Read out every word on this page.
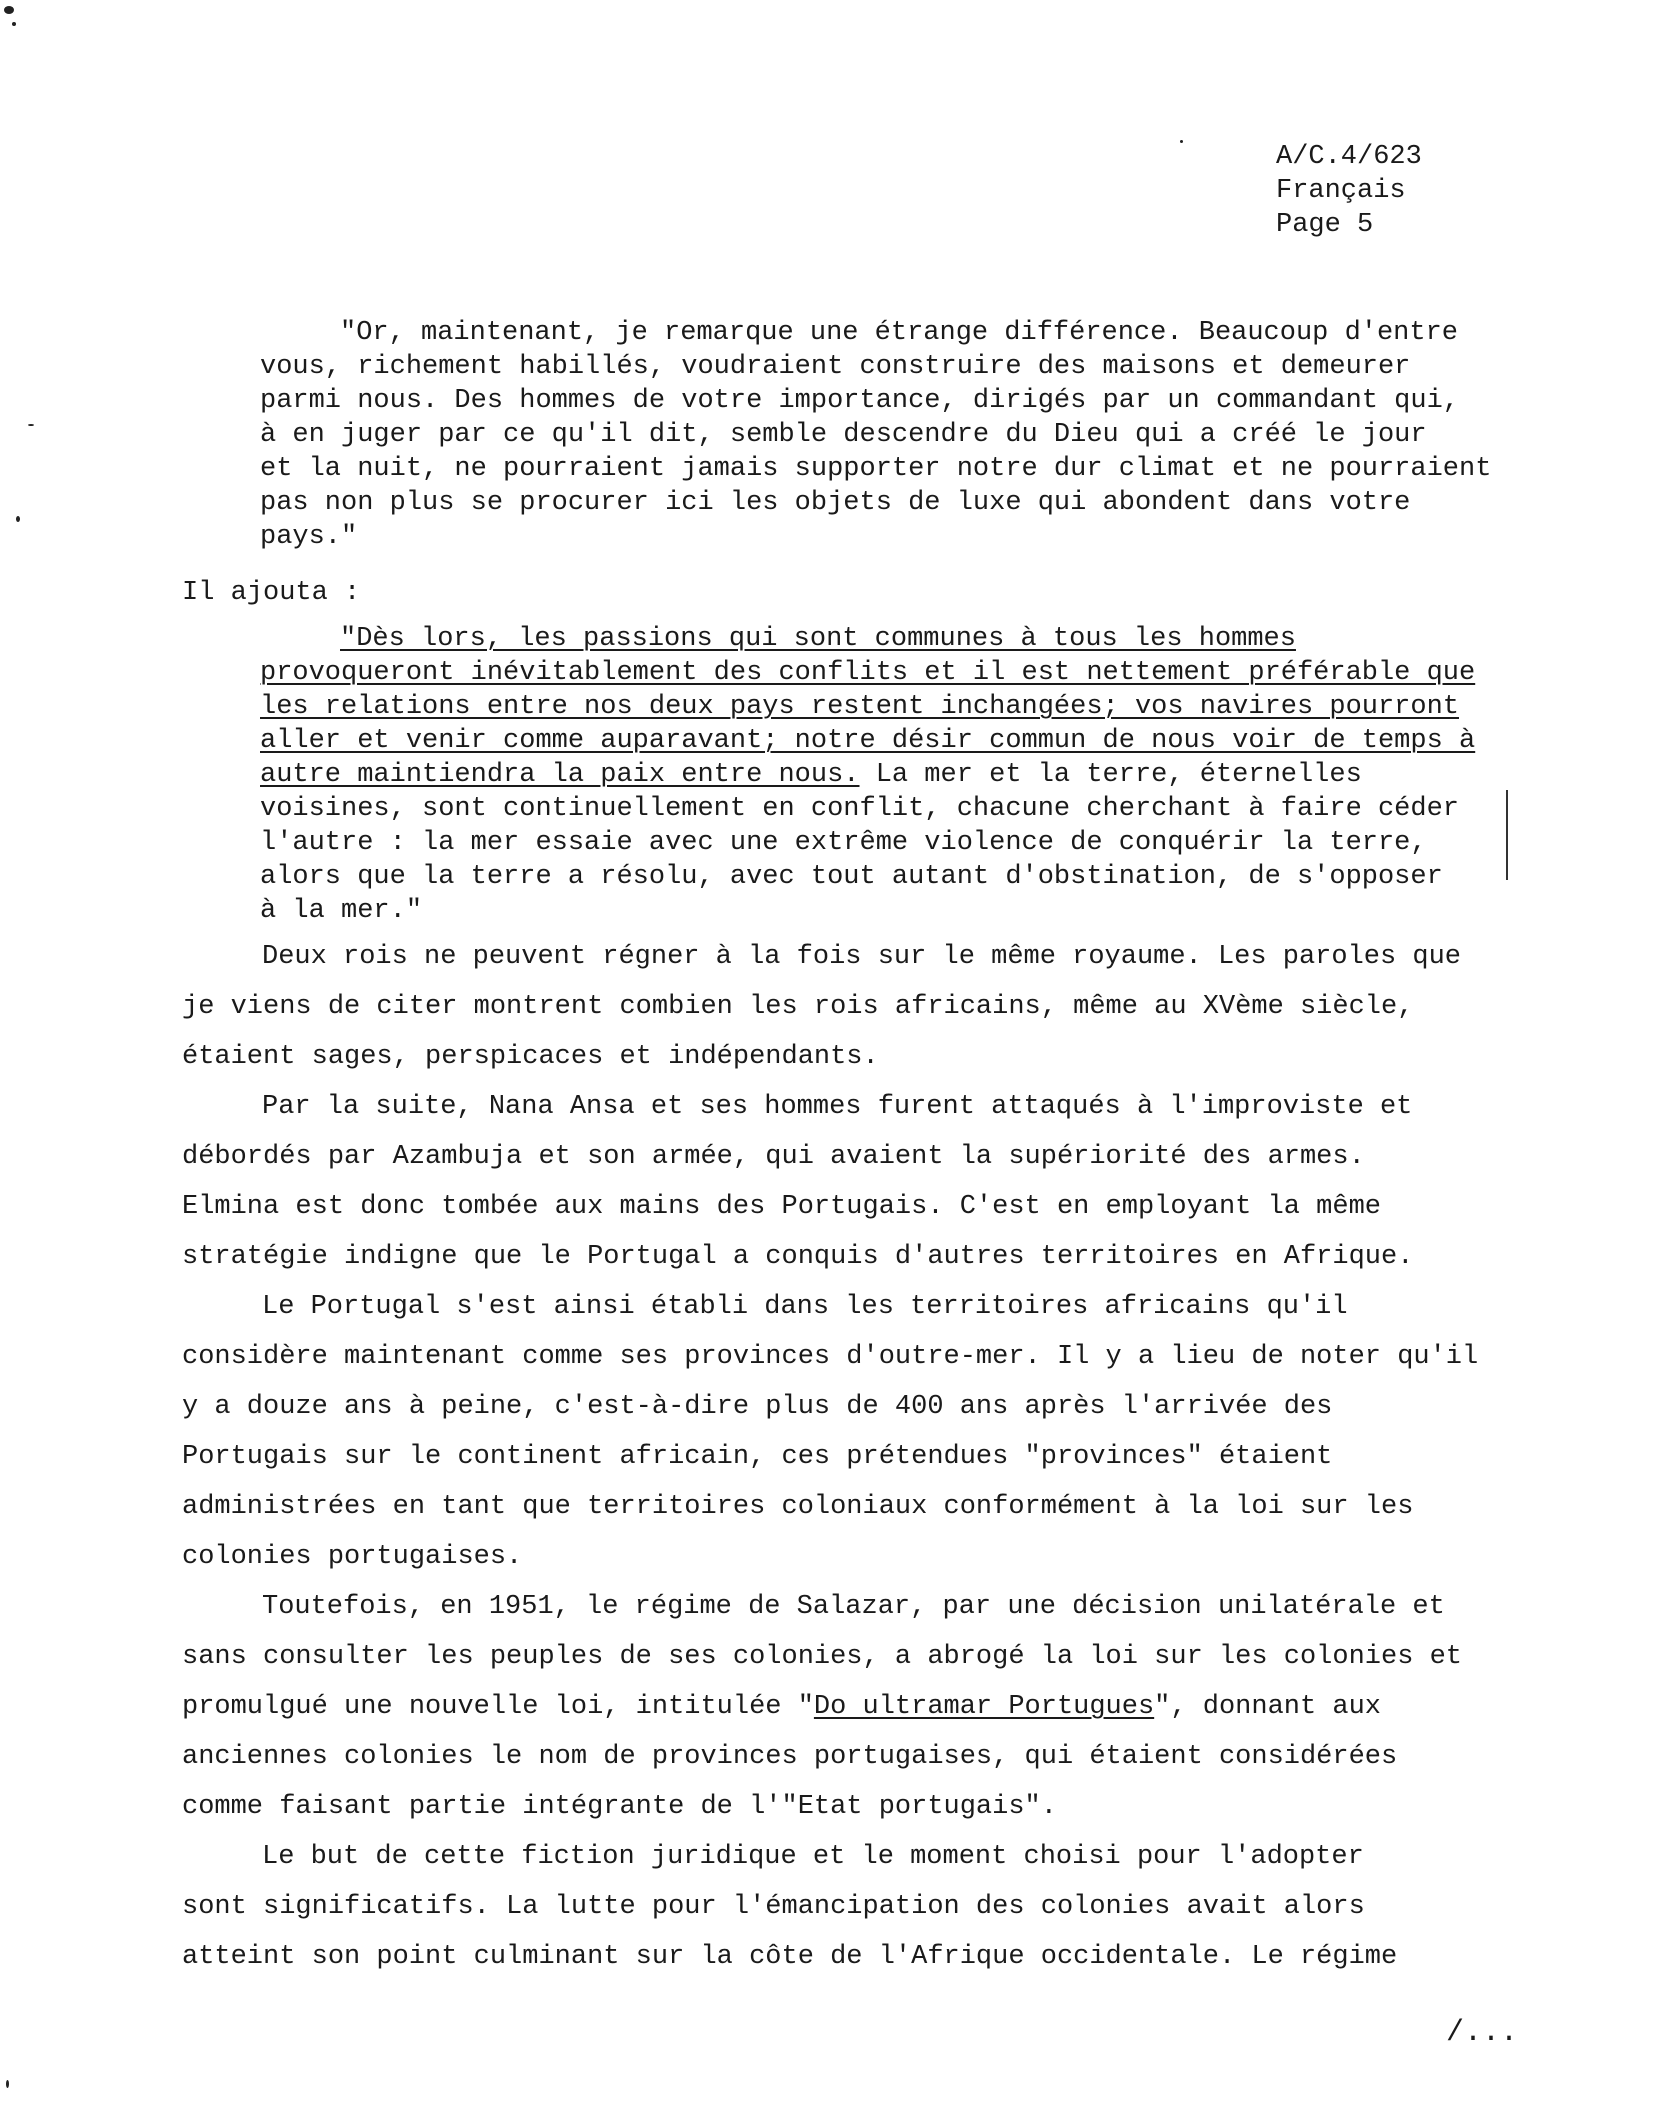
A/C.4/623
Français
Page 5
"Or, maintenant, je remarque une étrange différence. Beaucoup d'entre
vous, richement habillés, voudraient construire des maisons et demeurer
parmi nous. Des hommes de votre importance, dirigés par un commandant qui,
à en juger par ce qu'il dit, semble descendre du Dieu qui a créé le jour
et la nuit, ne pourraient jamais supporter notre dur climat et ne pourraient
pas non plus se procurer ici les objets de luxe qui abondent dans votre
pays."
Il ajouta :
"Dès lors, les passions qui sont communes à tous les hommes
provoqueront inévitablement des conflits et il est nettement préférable que
les relations entre nos deux pays restent inchangées; vos navires pourront
aller et venir comme auparavant; notre désir commun de nous voir de temps à
autre maintiendra la paix entre nous. La mer et la terre, éternelles
voisines, sont continuellement en conflit, chacune cherchant à faire céder
l'autre : la mer essaie avec une extrême violence de conquérir la terre,
alors que la terre a résolu, avec tout autant d'obstination, de s'opposer
à la mer."
Deux rois ne peuvent régner à la fois sur le même royaume. Les paroles que
je viens de citer montrent combien les rois africains, même au XVème siècle,
étaient sages, perspicaces et indépendants.
Par la suite, Nana Ansa et ses hommes furent attaqués à l'improviste et
débordés par Azambuja et son armée, qui avaient la supériorité des armes.
Elmina est donc tombée aux mains des Portugais. C'est en employant la même
stratégie indigne que le Portugal a conquis d'autres territoires en Afrique.
Le Portugal s'est ainsi établi dans les territoires africains qu'il
considère maintenant comme ses provinces d'outre-mer. Il y a lieu de noter qu'il
y a douze ans à peine, c'est-à-dire plus de 400 ans après l'arrivée des
Portugais sur le continent africain, ces prétendues "provinces" étaient
administrées en tant que territoires coloniaux conformément à la loi sur les
colonies portugaises.
Toutefois, en 1951, le régime de Salazar, par une décision unilatérale et
sans consulter les peuples de ses colonies, a abrogé la loi sur les colonies et
promulgué une nouvelle loi, intitulée "Do ultramar Portugues", donnant aux
anciennes colonies le nom de provinces portugaises, qui étaient considérées
comme faisant partie intégrante de l'"Etat portugais".
Le but de cette fiction juridique et le moment choisi pour l'adopter
sont significatifs. La lutte pour l'émancipation des colonies avait alors
atteint son point culminant sur la côte de l'Afrique occidentale. Le régime
/...
